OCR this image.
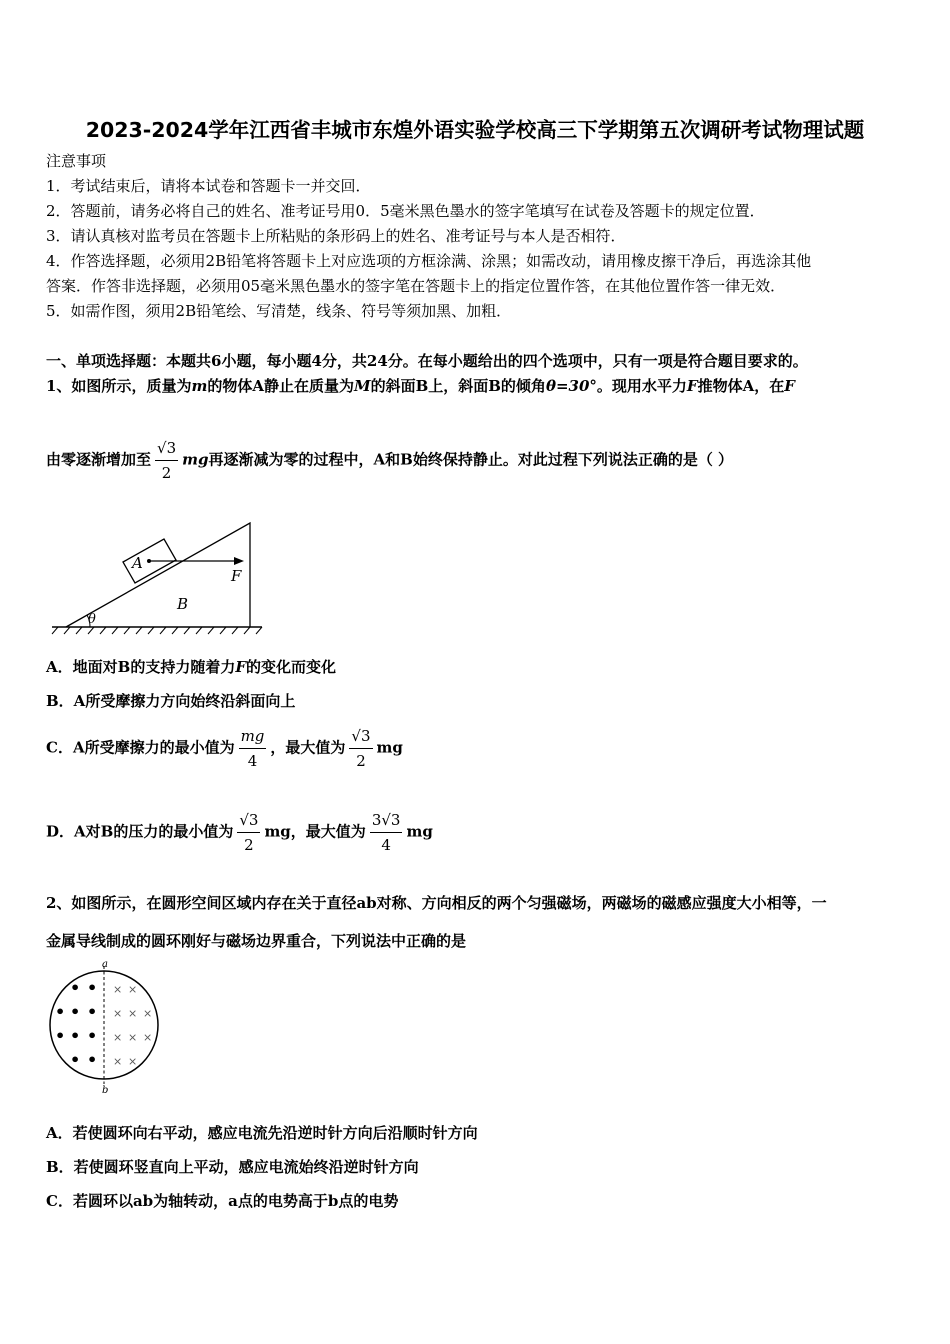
2023-2024学年江西省丰城市东煌外语实验学校高三下学期第五次调研考试物理试题
注意事项
1．考试结束后，请将本试卷和答题卡一并交回．
2．答题前，请务必将自己的姓名、准考证号用0．5毫米黑色墨水的签字笔填写在试卷及答题卡的规定位置．
3．请认真核对监考员在答题卡上所粘贴的条形码上的姓名、准考证号与本人是否相符．
4．作答选择题，必须用2B铅笔将答题卡上对应选项的方框涂满、涂黑；如需改动，请用橡皮擦干净后，再选涂其他
答案．作答非选择题，必须用05毫米黑色墨水的签字笔在答题卡上的指定位置作答，在其他位置作答一律无效．
5．如需作图，须用2B铅笔绘、写清楚，线条、符号等须加黑、加粗．
一、单项选择题：本题共6小题，每小题4分，共24分。在每小题给出的四个选项中，只有一项是符合题目要求的。
1、如图所示，质量为m的物体A静止在质量为M的斜面B上，斜面B的倾角θ=30°。现用水平力F推物体A，在F
由零逐渐增加至 $\frac{√3}{2}$ mg再逐渐减为零的过程中，A和B始终保持静止。对此过程下列说法正确的是（ ）
A
F
B
θ
A．地面对B的支持力随着力F的变化而变化
B．A所受摩擦力方向始终沿斜面向上
C．A所受摩擦力的最小值为 $\frac{mg}{4}$ ，最大值为 $\frac{√3}{2}$ mg
D．A对B的压力的最小值为 $\frac{√3}{2}$ mg，最大值为 $\frac{3√3}{4}$ mg
2、如图所示，在圆形空间区域内存在关于直径ab对称、方向相反的两个匀强磁场，两磁场的磁感应强度大小相等，一
金属导线制成的圆环刚好与磁场边界重合，下列说法中正确的是
a
b
• •
• • •
• • •
• •
× ×
× × ×
× × ×
× ×
A．若使圆环向右平动，感应电流先沿逆时针方向后沿顺时针方向
B．若使圆环竖直向上平动，感应电流始终沿逆时针方向
C．若圆环以ab为轴转动，a点的电势高于b点的电势
